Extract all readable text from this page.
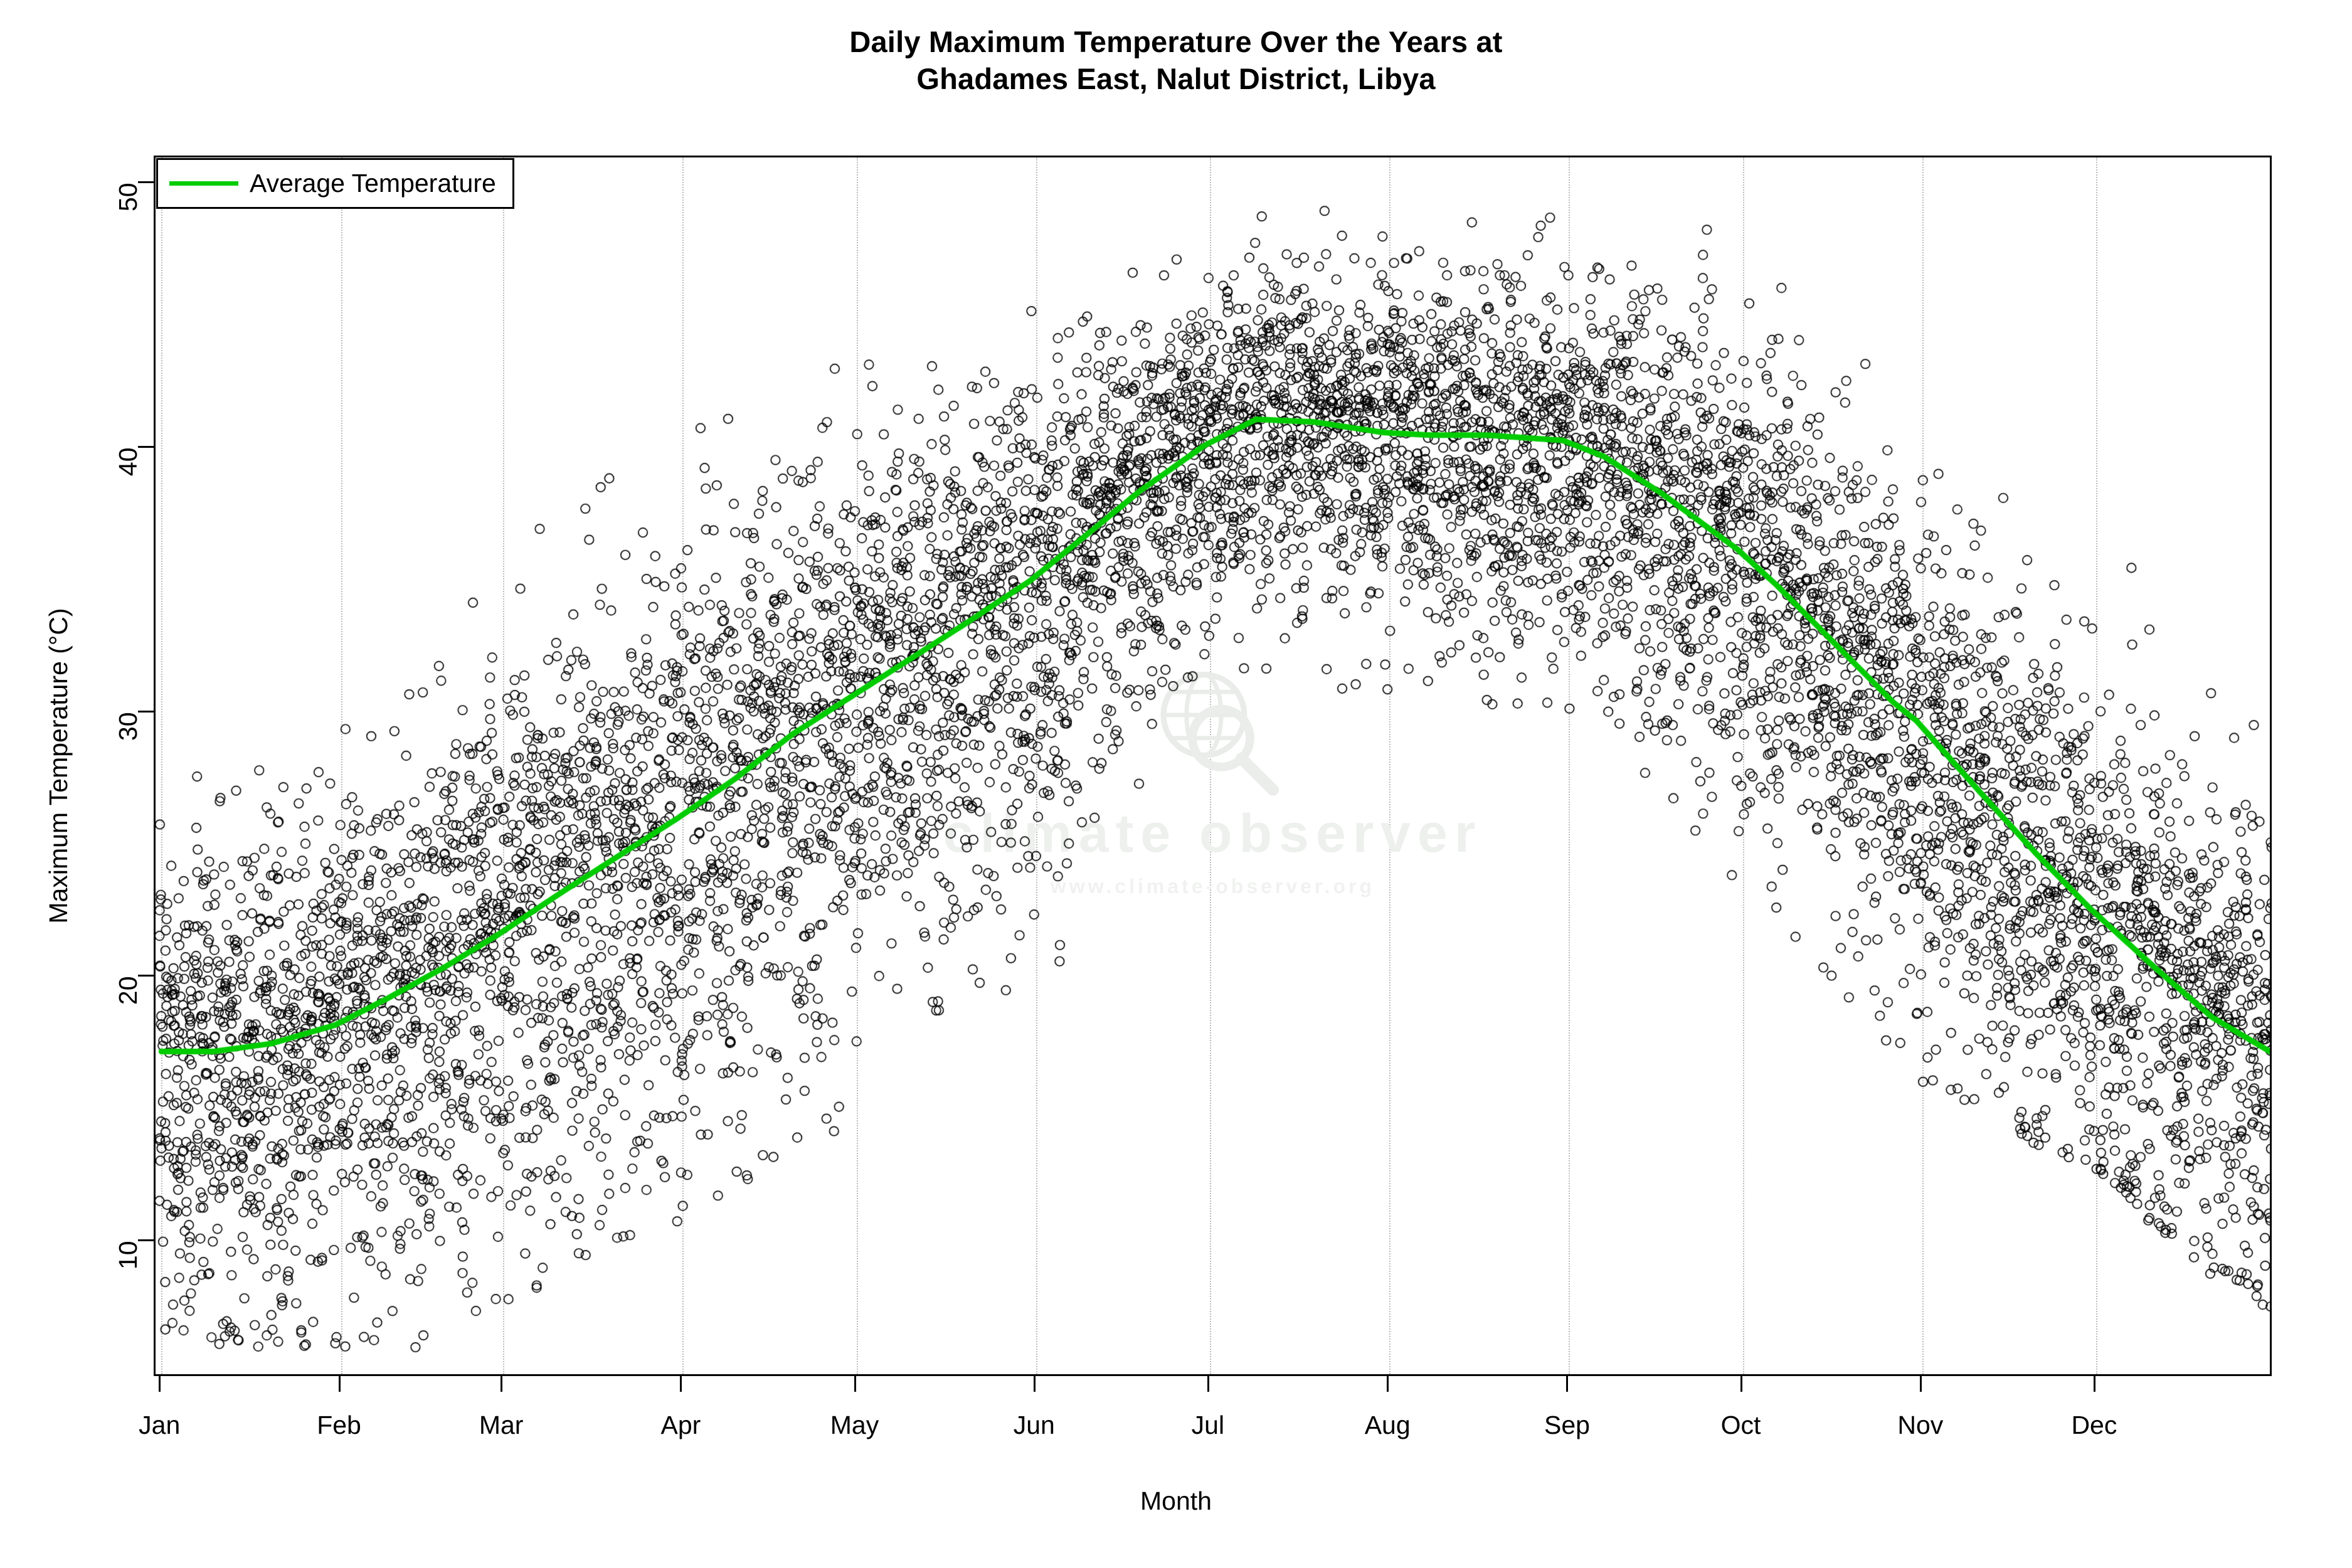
Daily Maximum Temperature Over the Years at
Ghadames East, Nalut District, Libya
Maximum Temperature (°C)
Average Temperature
Month
10
20
30
40
50
Jan	Feb	Mar	Apr	May	Jun	Jul	Aug	Sep	Oct	Nov	Dec
